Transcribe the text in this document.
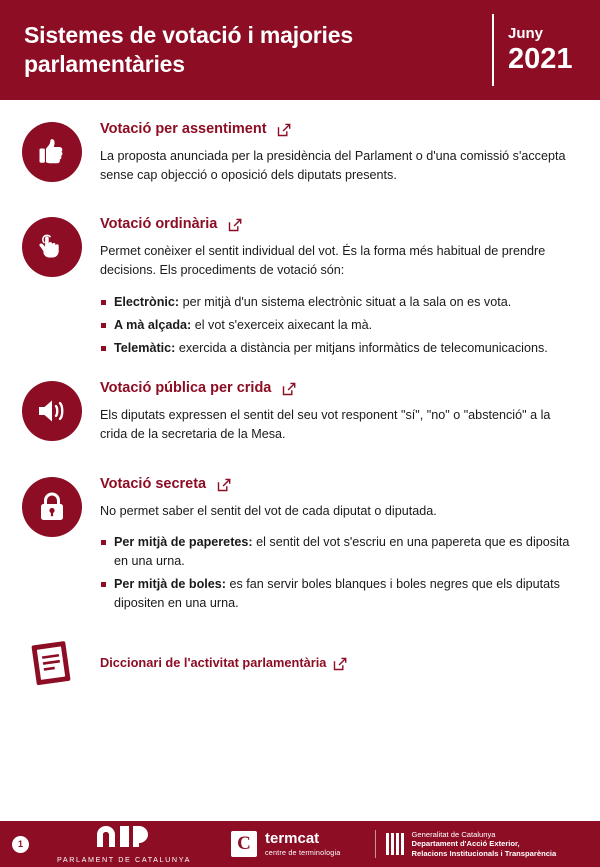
Sistemes de votació i majories parlamentàries
Juny
2021
Votació per assentiment

La proposta anunciada per la presidència del Parlament o d'una comissió s'accepta sense cap objecció o oposició dels diputats presents.

Votació ordinària

Permet conèixer el sentit individual del vot. És la forma més habitual de prendre decisions. Els procediments de votació són:

Electrònic: per mitjà d'un sistema electrònic situat a la sala on es vota.
A mà alçada: el vot s'exerceix aixecant la mà.
Telemàtic: exercida a distància per mitjans informàtics de telecomunicacions.
Votació pública per crida

Els diputats expressen el sentit del seu vot responent "sí", "no" o "abstenció" a la crida de la secretaria de la Mesa.

Votació secreta

No permet saber el sentit del vot de cada diputat o diputada.

Per mitjà de paperetes: el sentit del vot s'escriu en una papereta que es diposita en una urna.
Per mitjà de boles: es fan servir boles blanques i boles negres que els diputats dipositen en una urna.
Diccionari de l'activitat parlamentària
1
PARLAMENT DE CATALUNYA
C termcat
centre de terminologia
Generalitat de Catalunya
Departament d'Acció Exterior,
Relacions Institucionals i Transparència
